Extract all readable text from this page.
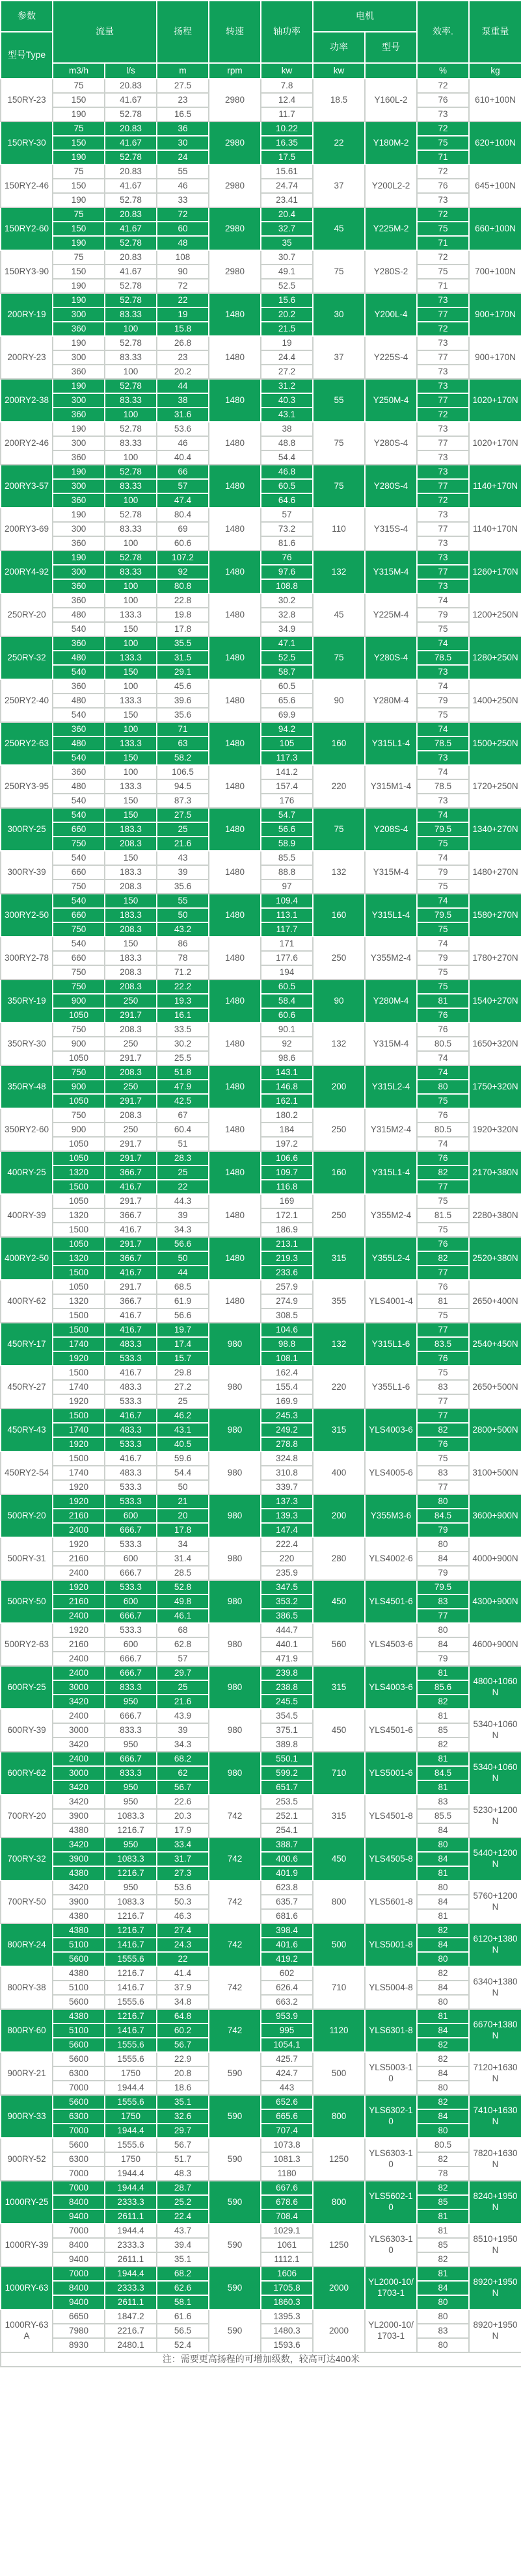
参数	流量		扬程	转速	轴功率	电机		效率.	泵重量
型号Type						功率	型号		
	m3/h	l/s	m	rpm	kw	kw		%	kg
150RY-23	75	20.83	27.5	2980	7.8	18.5	Y160L-2	72	610+100N
	150	41.67	23		12.4			76	
	190	52.78	16.5		11.7			73	
150RY-30	75	20.83	36	2980	10.22	22	Y180M-2	72	620+100N
	150	41.67	30		16.35			75	
	190	52.78	24		17.5			71	
150RY2-46	75	20.83	55	2980	15.61	37	Y200L2-2	72	645+100N
	150	41.67	46		24.74			76	
	190	52.78	33		23.41			73	
150RY2-60	75	20.83	72	2980	20.4	45	Y225M-2	72	660+100N
	150	41.67	60		32.7			75	
	190	52.78	48		35			71	
150RY3-90	75	20.83	108	2980	30.7	75	Y280S-2	72	700+100N
	150	41.67	90		49.1			75	
	190	52.78	72		52.5			71	
200RY-19	190	52.78	22	1480	15.6	30	Y200L-4	73	900+170N
	300	83.33	19		20.2			77	
	360	100	15.8		21.5			72	
200RY-23	190	52.78	26.8	1480	19	37	Y225S-4	73	900+170N
	300	83.33	23		24.4			77	
	360	100	20.2		27.2			73	
200RY2-38	190	52.78	44	1480	31.2	55	Y250M-4	73	1020+170N
	300	83.33	38		40.3			77	
	360	100	31.6		43.1			72	
200RY2-46	190	52.78	53.6	1480	38	75	Y280S-4	73	1020+170N
	300	83.33	46		48.8			77	
	360	100	40.4		54.4			73	
200RY3-57	190	52.78	66	1480	46.8	75	Y280S-4	73	1140+170N
	300	83.33	57		60.5			77	
	360	100	47.4		64.6			72	
200RY3-69	190	52.78	80.4	1480	57	110	Y315S-4	73	1140+170N
	300	83.33	69		73.2			77	
	360	100	60.6		81.6			73	
200RY4-92	190	52.78	107.2	1480	76	132	Y315M-4	73	1260+170N
	300	83.33	92		97.6			77	
	360	100	80.8		108.8			73	
250RY-20	360	100	22.8	1480	30.2	45	Y225M-4	74	1200+250N
	480	133.3	19.8		32.8			79	
	540	150	17.8		34.9			75	
250RY-32	360	100	35.5	1480	47.1	75	Y280S-4	74	1280+250N
	480	133.3	31.5		52.5			78.5	
	540	150	29.1		58.7			73	
250RY2-40	360	100	45.6	1480	60.5	90	Y280M-4	74	1400+250N
	480	133.3	39.6		65.6			79	
	540	150	35.6		69.9			75	
250RY2-63	360	100	71	1480	94.2	160	Y315L1-4	74	1500+250N
	480	133.3	63		105			78.5	
	540	150	58.2		117.3			73	
250RY3-95	360	100	106.5	1480	141.2	220	Y315M1-4	74	1720+250N
	480	133.3	94.5		157.4			78.5	
	540	150	87.3		176			73	
300RY-25	540	150	27.5	1480	54.7	75	Y208S-4	74	1340+270N
	660	183.3	25		56.6			79.5	
	750	208.3	21.6		58.9			75	
300RY-39	540	150	43	1480	85.5	132	Y315M-4	74	1480+270N
	660	183.3	39		88.8			79	
	750	208.3	35.6		97			75	
300RY2-50	540	150	55	1480	109.4	160	Y315L1-4	74	1580+270N
	660	183.3	50		113.1			79.5	
	750	208.3	43.2		117.7			75	
300RY2-78	540	150	86	1480	171	250	Y355M2-4	74	1780+270N
	660	183.3	78		177.6			79	
	750	208.3	71.2		194			75	
350RY-19	750	208.3	22.2	1480	60.5	90	Y280M-4	75	1540+270N
	900	250	19.3		58.4			81	
	1050	291.7	16.1		60.6			76	
350RY-30	750	208.3	33.5	1480	90.1	132	Y315M-4	76	1650+320N
	900	250	30.2		92			80.5	
	1050	291.7	25.5		98.6			74	
350RY-48	750	208.3	51.8	1480	143.1	200	Y315L2-4	74	1750+320N
	900	250	47.9		146.8			80	
	1050	291.7	42.5		162.1			75	
350RY2-60	750	208.3	67	1480	180.2	250	Y315M2-4	76	1920+320N
	900	250	60.4		184			80.5	
	1050	291.7	51		197.2			74	
400RY-25	1050	291.7	28.3	1480	106.6	160	Y315L1-4	76	2170+380N
	1320	366.7	25		109.7			82	
	1500	416.7	22		116.8			77	
400RY-39	1050	291.7	44.3	1480	169	250	Y355M2-4	75	2280+380N
	1320	366.7	39		172.1			81.5	
	1500	416.7	34.3		186.9			75	
400RY2-50	1050	291.7	56.6	1480	213.1	315	Y355L2-4	76	2520+380N
	1320	366.7	50		219.3			82	
	1500	416.7	44		233.6			77	
400RY-62	1050	291.7	68.5	1480	257.9	355	YLS4001-4	76	2650+400N
	1320	366.7	61.9		274.9			81	
	1500	416.7	56.6		308.5			75	
450RY-17	1500	416.7	19.7	980	104.6	132	Y315L1-6	77	2540+450N
	1740	483.3	17.4		98.8			83.5	
	1920	533.3	15.7		108.1			76	
450RY-27	1500	416.7	29.8	980	162.4	220	Y355L1-6	75	2650+500N
	1740	483.3	27.2		155.4			83	
	1920	533.3	25		169.9			77	
450RY-43	1500	416.7	46.2	980	245.3	315	YLS4003-6	77	2800+500N
	1740	483.3	43.1		249.2			82	
	1920	533.3	40.5		278.8			76	
450RY2-54	1500	416.7	59.6	980	324.8	400	YLS4005-6	75	3100+500N
	1740	483.3	54.4		310.8			83	
	1920	533.3	50		339.7			77	
500RY-20	1920	533.3	21	980	137.3	200	Y355M3-6	80	3600+900N
	2160	600	20		139.3			84.5	
	2400	666.7	17.8		147.4			79	
500RY-31	1920	533.3	34	980	222.4	280	YLS4002-6	80	4000+900N
	2160	600	31.4		220			84	
	2400	666.7	28.5		235.9			79	
500RY-50	1920	533.3	52.8	980	347.5	450	YLS4501-6	79.5	4300+900N
	2160	600	49.8		353.2			83	
	2400	666.7	46.1		386.5			77	
500RY2-63	1920	533.3	68	980	444.7	560	YLS4503-6	80	4600+900N
	2160	600	62.8		440.1			84	
	2400	666.7	57		471.9			79	
600RY-25	2400	666.7	29.7	980	239.8	315	YLS4003-6	81	4800+1060N
	3000	833.3	25		238.8			85.6	
	3420	950	21.6		245.5			82	
600RY-39	2400	666.7	43.9	980	354.5	450	YLS4501-6	81	5340+1060N
	3000	833.3	39		375.1			85	
	3420	950	34.3		389.8			82	
600RY-62	2400	666.7	68.2	980	550.1	710	YLS5001-6	81	5340+1060N
	3000	833.3	62		599.2			84.5	
	3420	950	56.7		651.7			81	
700RY-20	3420	950	22.6	742	253.5	315	YLS4501-8	83	5230+1200N
	3900	1083.3	20.3		252.1			85.5	
	4380	1216.7	17.9		254.1			84	
700RY-32	3420	950	33.4	742	388.7	450	YLS4505-8	80	5440+1200N
	3900	1083.3	31.7		400.6			84	
	4380	1216.7	27.3		401.9			81	
700RY-50	3420	950	53.6	742	623.8	800	YLS5601-8	80	5760+1200N
	3900	1083.3	50.3		635.7			84	
	4380	1216.7	46.3		681.6			81	
800RY-24	4380	1216.7	27.4	742	398.4	500	YLS5001-8	82	6120+1380N
	5100	1416.7	24.3		401.6			84	
	5600	1555.6	22		419.2			80	
800RY-38	4380	1216.7	41.4	742	602	710	YLS5004-8	82	6340+1380N
	5100	1416.7	37.9		626.4			84	
	5600	1555.6	34.8		663.2			80	
800RY-60	4380	1216.7	64.8	742	953.9	1120	YLS6301-8	81	6670+1380N
	5100	1416.7	60.2		995			84	
	5600	1555.6	56.7		1054.1			82	
900RY-21	5600	1555.6	22.9	590	425.7	500	YLS5003-10	82	7120+1630N
	6300	1750	20.8		424.7			84	
	7000	1944.4	18.6		443			80	
900RY-33	5600	1555.6	35.1	590	652.6	800	YLS6302-10	82	7410+1630N
	6300	1750	32.6		665.6			84	
	7000	1944.4	29.7		707.4			80	
900RY-52	5600	1555.6	56.7	590	1073.8	1250	YLS6303-10	80.5	7820+1630N
	6300	1750	51.7		1081.3			82	
	7000	1944.4	48.3		1180			78	
1000RY-25	7000	1944.4	28.7	590	667.6	800	YLS5602-10	82	8240+1950N
	8400	2333.3	25.2		678.6			85	
	9400	2611.1	22.4		708.4			81	
1000RY-39	7000	1944.4	43.7	590	1029.1	1250	YLS6303-10	81	8510+1950N
	8400	2333.3	39.4		1061			85	
	9400	2611.1	35.1		1112.1			82	
1000RY-63	7000	1944.4	68.2	590	1606	2000	YL2000-10/1703-1	81	8920+1950N
	8400	2333.3	62.6		1705.8			84	
	9400	2611.1	58.1		1860.3			80	
1000RY-63A	6650	1847.2	61.6	590	1395.3	2000	YL2000-10/1703-1	80	8920+1950N
	7980	2216.7	56.5		1480.3			83	
	8930	2480.1	52.4		1593.6			80	
注：需要更高扬程的可增加级数，较高可达400米									
